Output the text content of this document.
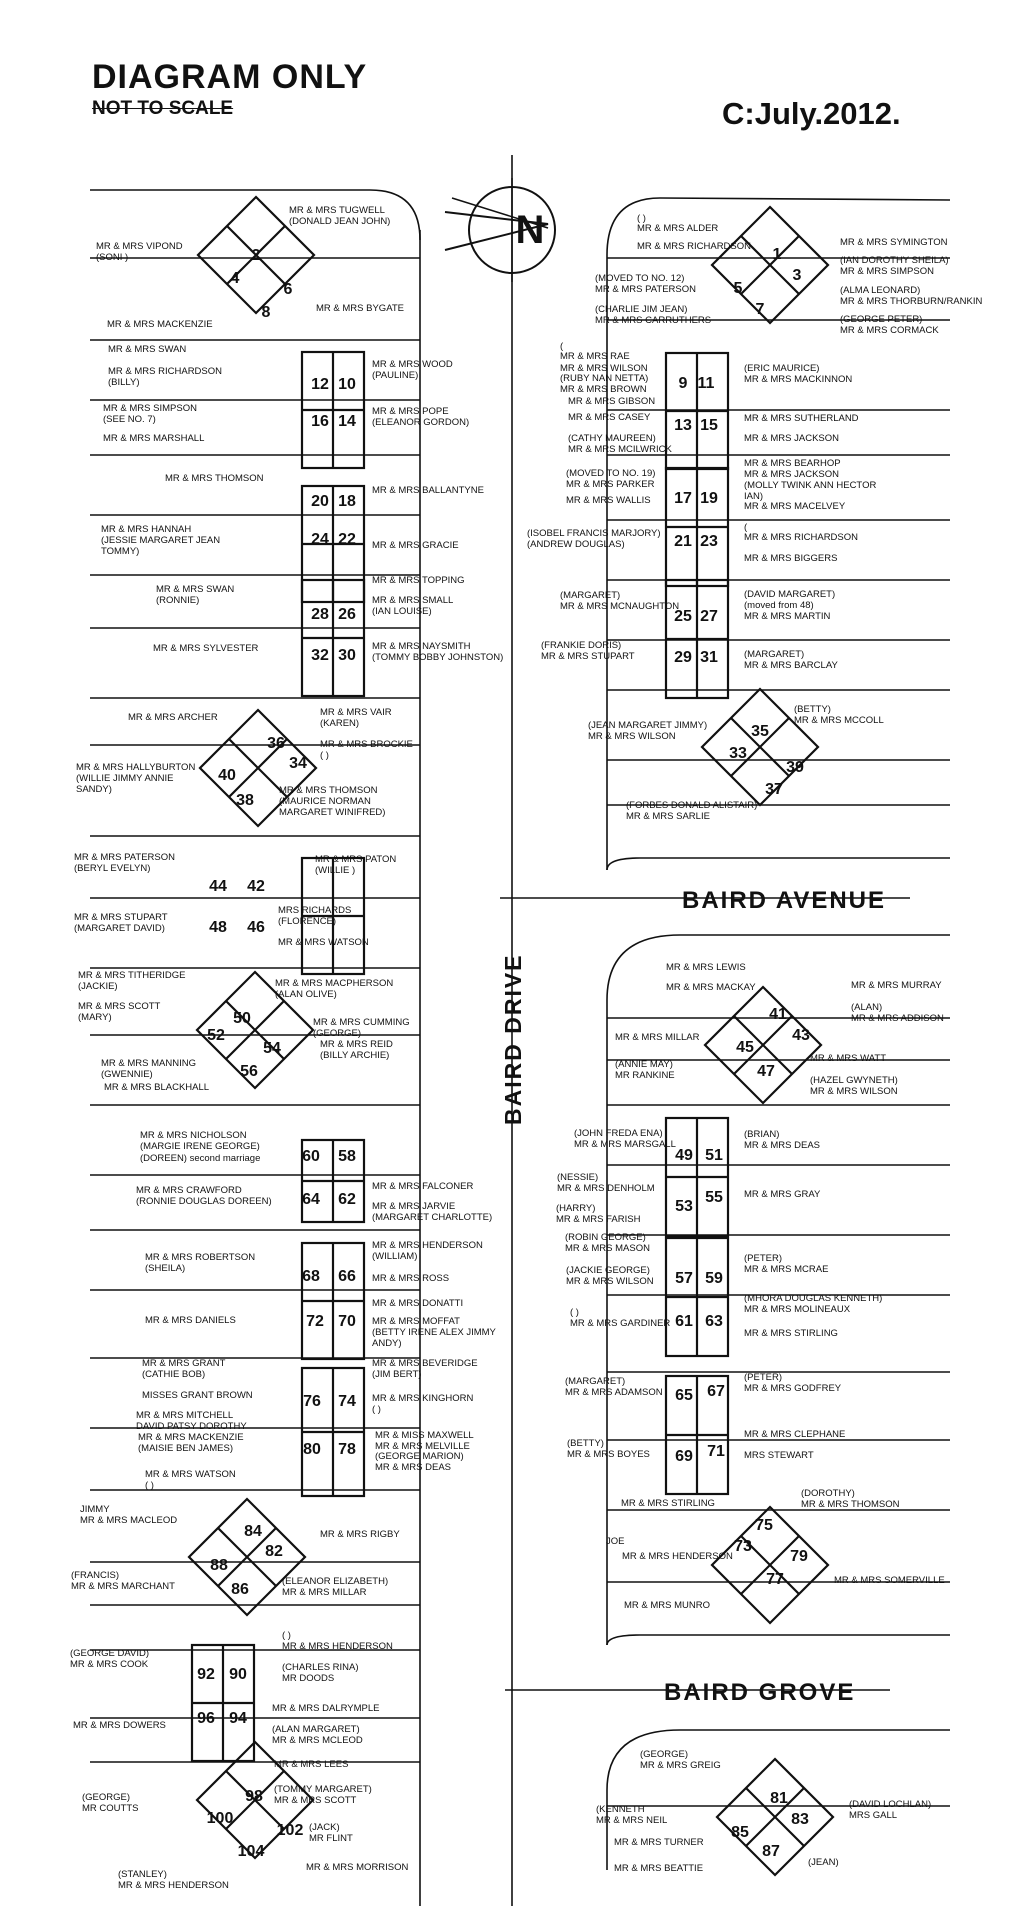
DIAGRAM ONLY
NOT TO SCALE	C:July.2012.
2
4
6
8
12 10
16 14
20 18
24 22
28 26
32 30
36
34
40
38
44 42
48 46
50
52
54
56
60 58
64 62
68 66
72 70
76 74
80 78
84
82
88
86
92 90
96 94
98
100
102
104
1
3
5
7
9 11
13 15
17 19
21 23
25 27
29 31
35
33
39
37
41
43
45
47
49 51
53
55
57 59
61 63
65 67
69 71
75
73
79
77
81
83
85
87
MR & MRS TUGWELL
(DONALD JEAN JOHN)
MR & MRS VIPOND
(SONI )
MR & MRS BYGATE
MR & MRS MACKENZIE
MR & MRS SWAN
MR & MRS RICHARDSON
(BILLY)
MR & MRS SIMPSON
(SEE NO. 7)
MR & MRS MARSHALL
MR & MRS WOOD
(PAULINE)
MR & MRS POPE
(ELEANOR GORDON)
MR & MRS THOMSON
MR & MRS BALLANTYNE
MR & MRS HANNAH
(JESSIE MARGARET JEAN
TOMMY)
MR & MRS GRACIE
MR & MRS SWAN
(RONNIE)
MR & MRS SYLVESTER
MR & MRS TOPPING
MR & MRS SMALL
(IAN LOUISE)
MR & MRS NAYSMITH
(TOMMY BOBBY JOHNSTON)
MR & MRS ARCHER
MR & MRS HALLYBURTON
(WILLIE JIMMY ANNIE
SANDY)
MR & MRS VAIR
(KAREN)
MR & MRS BROCKIE
( )
MR & MRS THOMSON
(MAURICE NORMAN
MARGARET WINIFRED)
MR & MRS PATERSON
(BERYL EVELYN)
MR & MRS STUPART
(MARGARET DAVID)
MR & MRS PATON
(WILLIE )
MRS RICHARDS
(FLORENCE)
MR & MRS WATSON
MR & MRS TITHERIDGE
(JACKIE)
MR & MRS SCOTT
(MARY)
MR & MRS MANNING
(GWENNIE)
MR & MRS BLACKHALL
MR & MRS MACPHERSON
(ALAN OLIVE)
MR & MRS CUMMING
(GEORGE)
MR & MRS REID
(BILLY ARCHIE)
MR & MRS NICHOLSON
(MARGIE IRENE GEORGE)
(DOREEN) second marriage
MR & MRS CRAWFORD
(RONNIE DOUGLAS DOREEN)
MR & MRS FALCONER
MR & MRS JARVIE
(MARGARET CHARLOTTE)
MR & MRS ROBERTSON
(SHEILA)
MR & MRS DANIELS
MR & MRS HENDERSON
(WILLIAM)
MR & MRS ROSS
MR & MRS DONATTI
MR & MRS MOFFAT
(BETTY IRENE ALEX JIMMY
ANDY)
MR & MRS GRANT
(CATHIE BOB)
MISSES GRANT BROWN
MR & MRS MITCHELL
DAVID PATSY DOROTHY
MR & MRS MACKENZIE
(MAISIE BEN JAMES)
MR & MRS WATSON
( )
MR & MRS BEVERIDGE
(JIM BERT)
MR & MRS KINGHORN
( )
MR & MISS MAXWELL
MR & MRS MELVILLE
(GEORGE MARION)
MR & MRS DEAS
JIMMY
MR & MRS MACLEOD
(FRANCIS)
MR & MRS MARCHANT
MR & MRS RIGBY
(ELEANOR ELIZABETH)
MR & MRS MILLAR
(GEORGE DAVID)
MR & MRS COOK
MR & MRS DOWERS
( )
MR & MRS HENDERSON
(CHARLES RINA)
MR DOODS
MR & MRS DALRYMPLE
(ALAN MARGARET)
MR & MRS MCLEOD
MR & MRS LEES
(TOMMY MARGARET)
MR & MRS SCOTT
(GEORGE)
MR COUTTS
(JACK)
MR FLINT
(STANLEY)
MR & MRS HENDERSON
MR & MRS MORRISON
( )
MR & MRS ALDER
MR & MRS RICHARDSON
(MOVED TO NO. 12)
MR & MRS PATERSON
(CHARLIE JIM JEAN)
MR & MRS CARRUTHERS
MR & MRS SYMINGTON
(IAN DOROTHY SHEILA)
MR & MRS SIMPSON
(ALMA LEONARD)
MR & MRS THORBURN/RANKIN
(GEORGE PETER)
MR & MRS CORMACK
(
MR & MRS RAE
MR & MRS WILSON
(RUBY NAN NETTA)
MR & MRS BROWN
MR & MRS GIBSON
MR & MRS CASEY
(CATHY MAUREEN)
MR & MRS MCILWRICK
(ERIC MAURICE)
MR & MRS MACKINNON
MR & MRS SUTHERLAND
MR & MRS JACKSON
(MOVED TO NO. 19)
MR & MRS PARKER
MR & MRS WALLIS
(ISOBEL FRANCIS MARJORY)
(ANDREW DOUGLAS)
MR & MRS BEARHOP
MR & MRS JACKSON
(MOLLY TWINK ANN HECTOR
IAN)
MR & MRS MACELVEY
(
MR & MRS RICHARDSON
MR & MRS BIGGERS
(MARGARET)
MR & MRS MCNAUGHTON
(FRANKIE DORIS)
MR & MRS STUPART
(DAVID MARGARET)
(moved from 48)
MR & MRS MARTIN
(MARGARET)
MR & MRS BARCLAY
(JEAN MARGARET JIMMY)
MR & MRS WILSON
(FORBES DONALD ALISTAIR)
MR & MRS SARLIE
(BETTY)
MR & MRS MCCOLL
MR & MRS LEWIS
MR & MRS MACKAY
MR & MRS MILLAR
(ANNIE MAY)
MR RANKINE
MR & MRS MURRAY
(ALAN)
MR & MRS ADDISON
MR & MRS WATT
(HAZEL GWYNETH)
MR & MRS WILSON
(JOHN FREDA ENA)
MR & MRS MARSGALL
(NESSIE)
MR & MRS DENHOLM
(HARRY)
MR & MRS FARISH
(BRIAN)
MR & MRS DEAS
MR & MRS GRAY
(ROBIN GEORGE)
MR & MRS MASON
(JACKIE GEORGE)
MR & MRS WILSON
( )
MR & MRS GARDINER
(PETER)
MR & MRS MCRAE
(MHORA DOUGLAS KENNETH)
MR & MRS MOLINEAUX
MR & MRS STIRLING
(MARGARET)
MR & MRS ADAMSON
(BETTY)
MR & MRS BOYES
(PETER)
MR & MRS GODFREY
MR & MRS CLEPHANE
MRS STEWART
MR & MRS STIRLING
JOE
MR & MRS HENDERSON
MR & MRS MUNRO
(DOROTHY)
MR & MRS THOMSON
MR & MRS SOMERVILLE
(GEORGE)
MR & MRS GREIG
(KENNETH
MR & MRS NEIL
MR & MRS TURNER
MR & MRS BEATTIE
(DAVID LOCHLAN)
MRS GALL
(JEAN)
N
BAIRD DRIVE
BAIRD AVENUE
BAIRD GROVE
